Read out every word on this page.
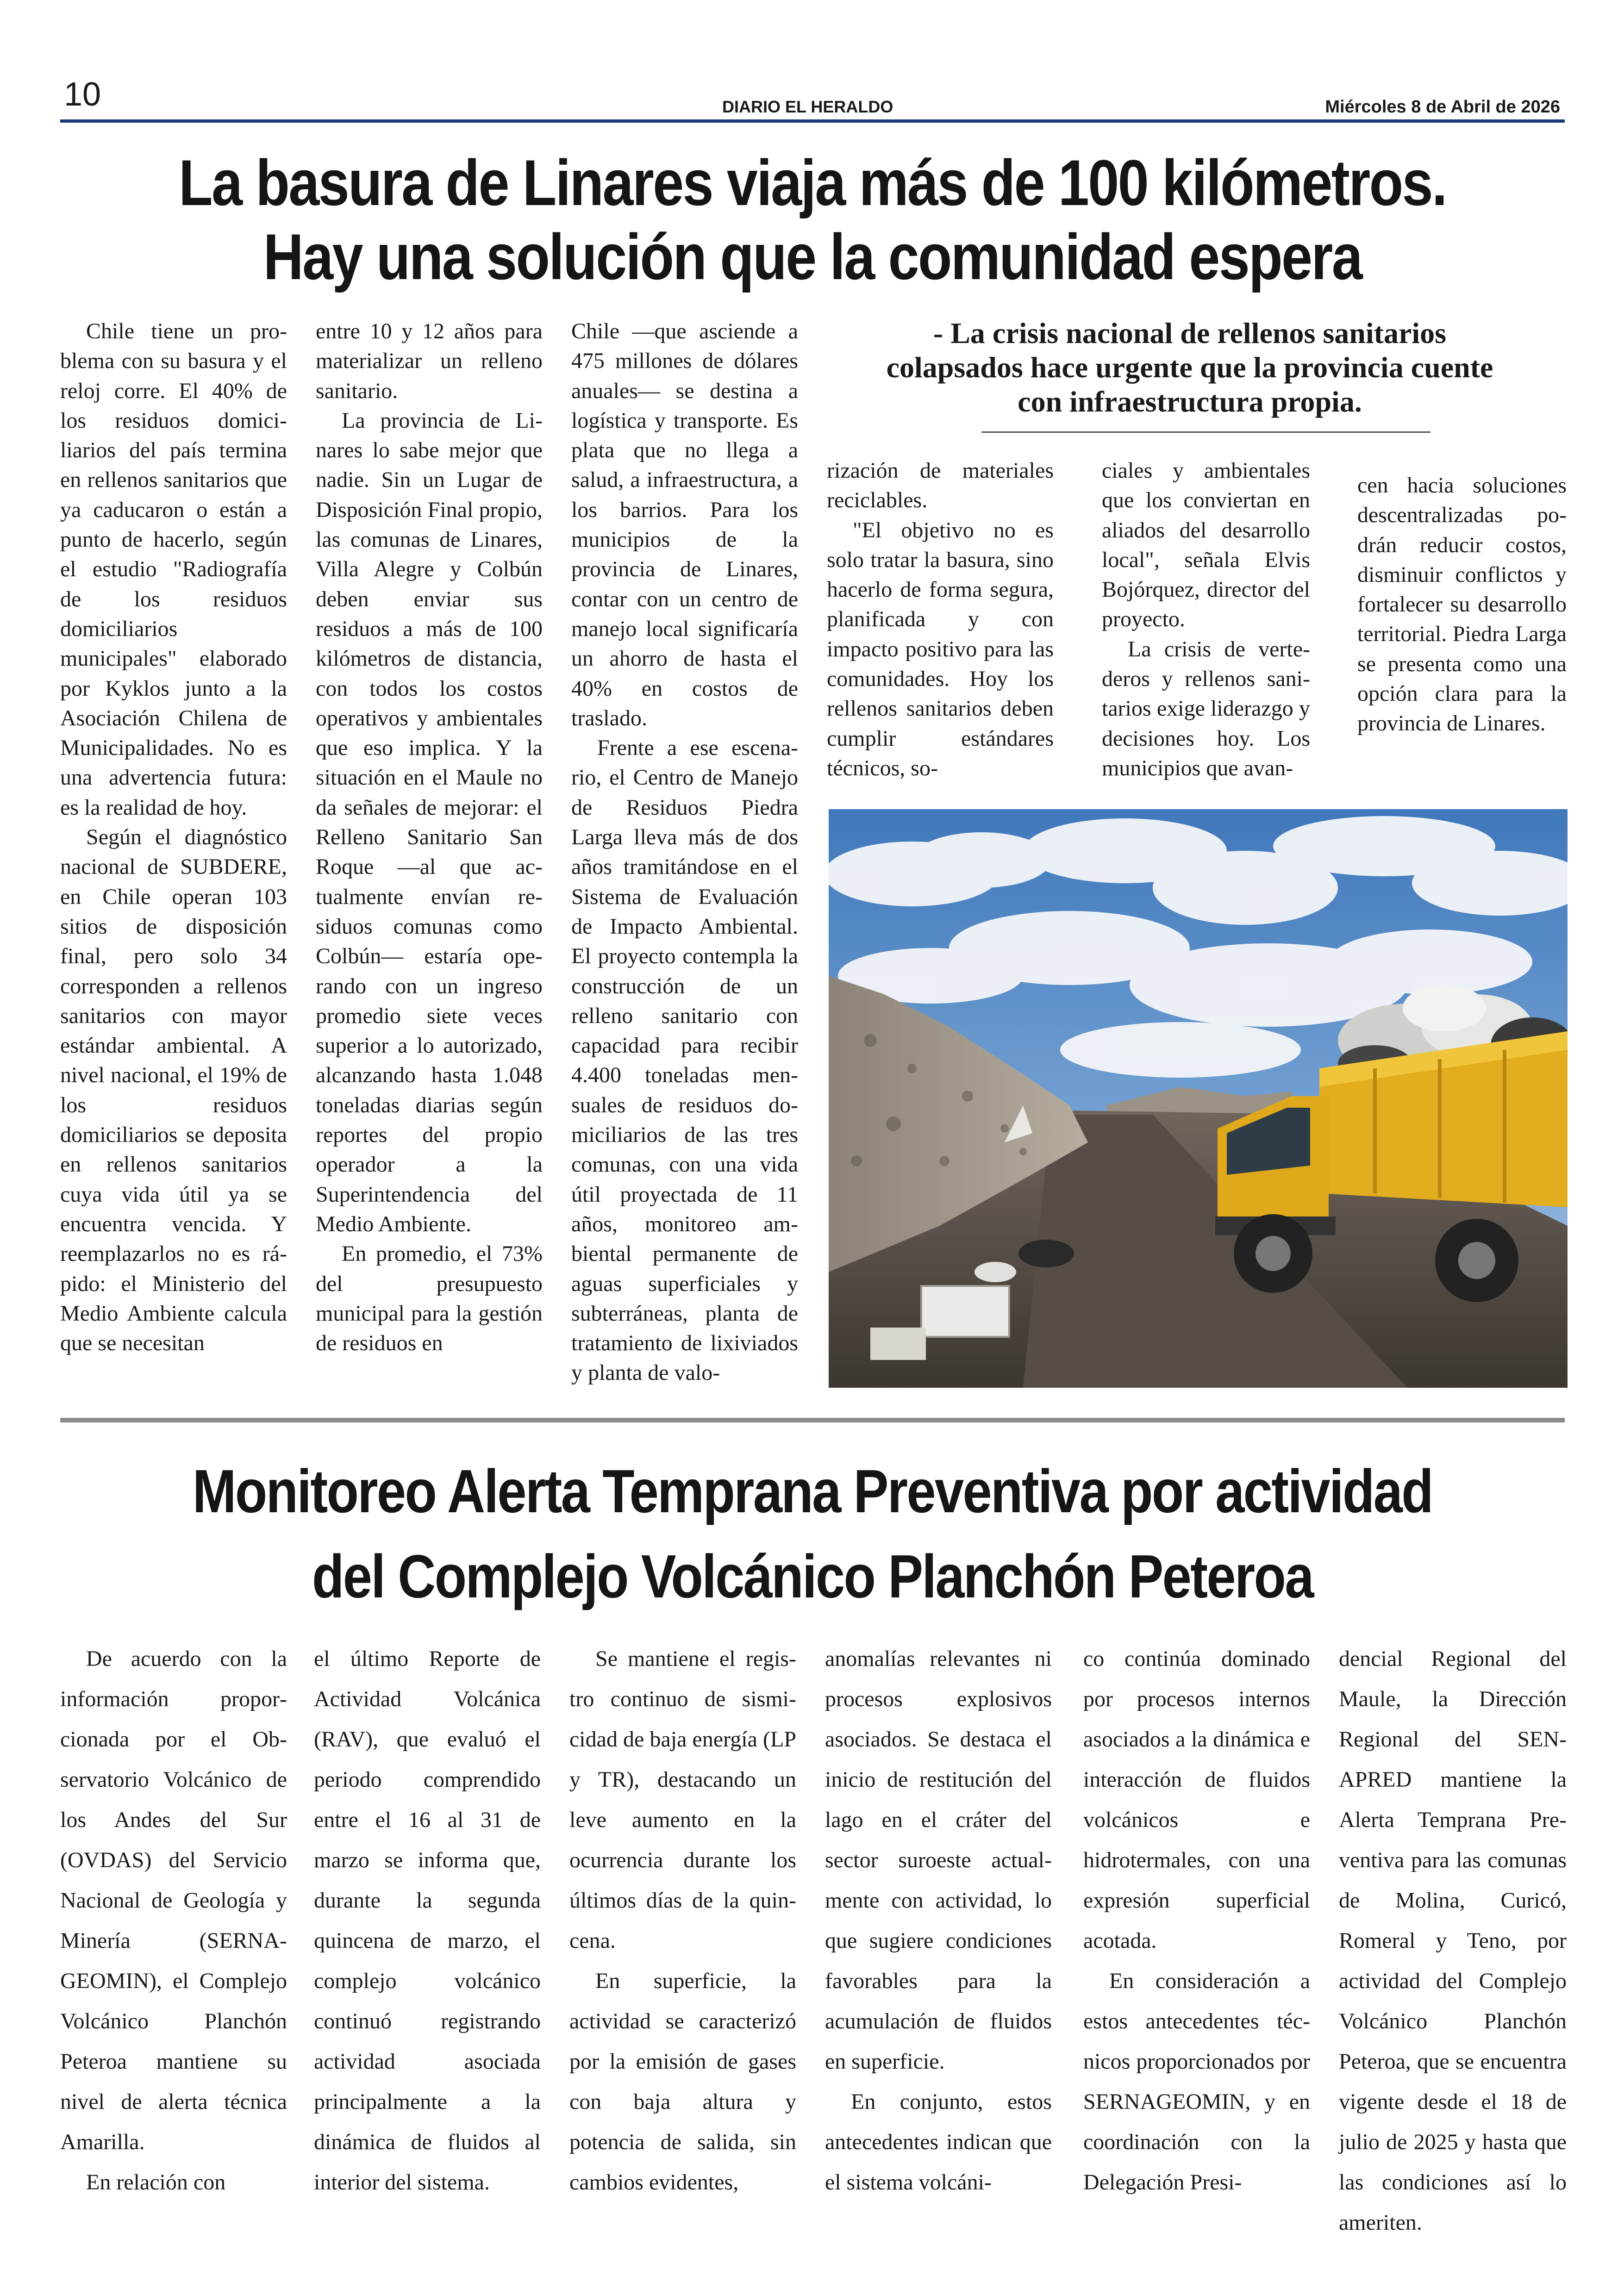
10	DIARIO EL HERALDO	Miércoles 8 de Abril de 2026
La basura de Linares viaja más de 100 kilómetros.
Hay una solución que la comunidad espera

Chile tiene un problema con su basura y el reloj corre. El 40% de los residuos domiciliarios del país termina en rellenos sanitarios que ya caducaron o están a punto de hacerlo, según el estudio "Radiografía de los residuos domiciliarios municipales" elaborado por Kyklos junto a la Asociación Chilena de Municipalidades. No es una advertencia futura: es la realidad de hoy.

Según el diagnóstico nacional de SUBDERE, en Chile operan 103 sitios de disposición final, pero solo 34 corresponden a rellenos sanitarios con mayor estándar ambiental. A nivel nacional, el 19% de los residuos domiciliarios se deposita en rellenos sanitarios cuya vida útil ya se encuentra vencida. Y reemplazarlos no es rápido: el Ministerio del Medio Ambiente calcula que se necesitan

entre 10 y 12 años para materializar un relleno sanitario.

La provincia de Linares lo sabe mejor que nadie. Sin un Lugar de Disposición Final propio, las comunas de Linares, Villa Alegre y Colbún deben enviar sus residuos a más de 100 kilómetros de distancia, con todos los costos operativos y ambientales que eso implica. Y la situación en el Maule no da señales de mejorar: el Relleno Sanitario San Roque —al que actualmente envían residuos comunas como Colbún— estaría operando con un ingreso promedio siete veces superior a lo autorizado, alcanzando hasta 1.048 toneladas diarias según reportes del propio operador a la Superintendencia del Medio Ambiente.

En promedio, el 73% del presupuesto municipal para la gestión de residuos en

Chile —que asciende a 475 millones de dólares anuales— se destina a logística y transporte. Es plata que no llega a salud, a infraestructura, a los barrios. Para los municipios de la provincia de Linares, contar con un centro de manejo local significaría un ahorro de hasta el 40% en costos de traslado.

Frente a ese escenario, el Centro de Manejo de Residuos Piedra Larga lleva más de dos años tramitándose en el Sistema de Evaluación de Impacto Ambiental. El proyecto contempla la construcción de un relleno sanitario con capacidad para recibir 4.400 toneladas mensuales de residuos domiciliarios de las tres comunas, con una vida útil proyectada de 11 años, monitoreo ambiental permanente de aguas superficiales y subterráneas, planta de tratamiento de lixiviados y planta de valo-

- La crisis nacional de rellenos sanitarios colapsados hace urgente que la provincia cuente con infraestructura propia.

rización de materiales reciclables.

"El objetivo no es solo tratar la basura, sino hacerlo de forma segura, planificada y con impacto positivo para las comunidades. Hoy los rellenos sanitarios deben cumplir estándares técnicos, so-

ciales y ambientales que los conviertan en aliados del desarrollo local", señala Elvis Bojórquez, director del proyecto.

La crisis de vertederos y rellenos sanitarios exige liderazgo y decisiones hoy. Los municipios que avan-

cen hacia soluciones descentralizadas podrán reducir costos, disminuir conflictos y fortalecer su desarrollo territorial. Piedra Larga se presenta como una opción clara para la provincia de Linares.

Monitoreo Alerta Temprana Preventiva por actividad
del Complejo Volcánico Planchón Peteroa

De acuerdo con la información proporcionada por el Observatorio Volcánico de los Andes del Sur (OVDAS) del Servicio Nacional de Geología y Minería (SERNAGEOMIN), el Complejo Volcánico Planchón Peteroa mantiene su nivel de alerta técnica Amarilla.

En relación con

el último Reporte de Actividad Volcánica (RAV), que evaluó el periodo comprendido entre el 16 al 31 de marzo se informa que, durante la segunda quincena de marzo, el complejo volcánico continuó registrando actividad asociada principalmente a la dinámica de fluidos al interior del sistema.

Se mantiene el registro continuo de sismicidad de baja energía (LP y TR), destacando un leve aumento en la ocurrencia durante los últimos días de la quincena.

En superficie, la actividad se caracterizó por la emisión de gases con baja altura y potencia de salida, sin cambios evidentes,

anomalías relevantes ni procesos explosivos asociados. Se destaca el inicio de restitución del lago en el cráter del sector suroeste actualmente con actividad, lo que sugiere condiciones favorables para la acumulación de fluidos en superficie.

En conjunto, estos antecedentes indican que el sistema volcáni-

co continúa dominado por procesos internos asociados a la dinámica e interacción de fluidos volcánicos e hidrotermales, con una expresión superficial acotada.

En consideración a estos antecedentes técnicos proporcionados por SERNAGEOMIN, y en coordinación con la Delegación Presi-

dencial Regional del Maule, la Dirección Regional del SENAPRED mantiene la Alerta Temprana Preventiva para las comunas de Molina, Curicó, Romeral y Teno, por actividad del Complejo Volcánico Planchón Peteroa, que se encuentra vigente desde el 18 de julio de 2025 y hasta que las condiciones así lo ameriten.
